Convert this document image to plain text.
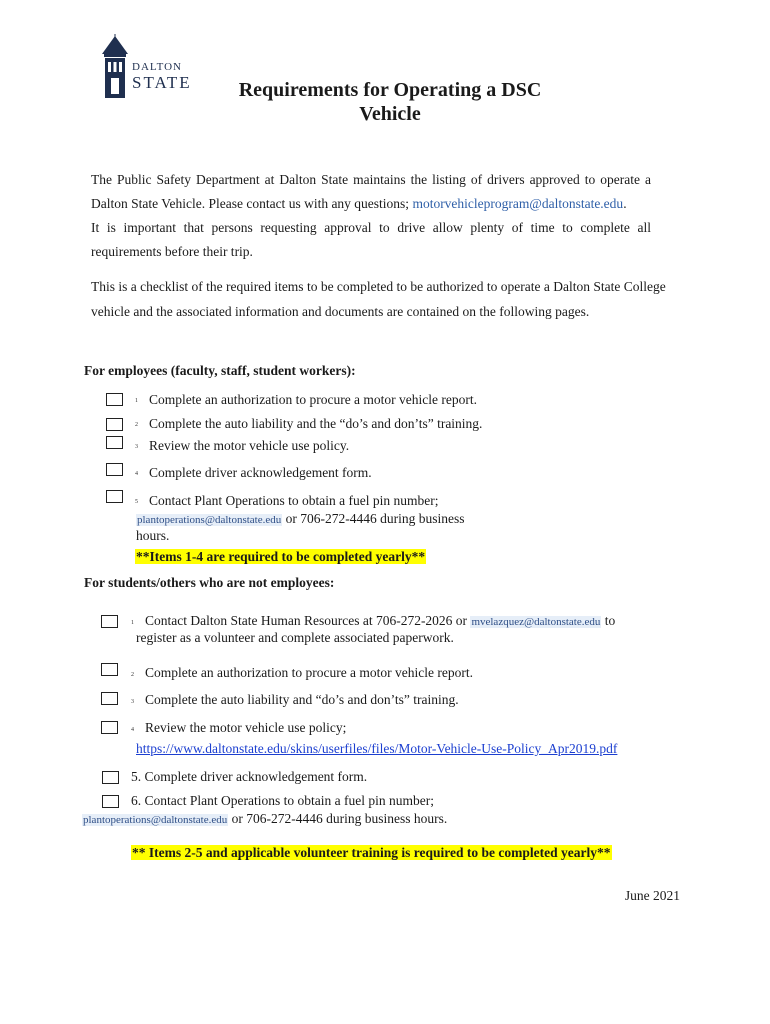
DALTON
STATE	Requirements for Operating a DSC
Vehicle
The Public Safety Department at Dalton State maintains the listing of drivers approved to operate a
Dalton State Vehicle. Please contact us with any questions; motorvehicleprogram@daltonstate.edu.
It is important that persons requesting approval to drive allow plenty of time to complete all
requirements before their trip.
This is a checklist of the required items to be completed to be authorized to operate a Dalton State College
vehicle and the associated information and documents are contained on the following pages.
For employees (faculty, staff, student workers):
1 Complete an authorization to procure a motor vehicle report.
2 Complete the auto liability and the “do’s and don’ts” training.
3 Review the motor vehicle use policy.
4 Complete driver acknowledgement form.
5 Contact Plant Operations to obtain a fuel pin number;
plantoperations@daltonstate.edu or 706-272-4446 during business
hours.
**Items 1-4 are required to be completed yearly**
For students/others who are not employees:
1 Contact Dalton State Human Resources at 706-272-2026 or mvelazquez@daltonstate.edu to
register as a volunteer and complete associated paperwork.
2 Complete an authorization to procure a motor vehicle report.
3 Complete the auto liability and “do’s and don’ts” training.
4 Review the motor vehicle use policy;
https://www.daltonstate.edu/skins/userfiles/files/Motor-Vehicle-Use-Policy_Apr2019.pdf
5. Complete driver acknowledgement form.
6. Contact Plant Operations to obtain a fuel pin number;
plantoperations@daltonstate.edu or 706-272-4446 during business hours.
** Items 2-5 and applicable volunteer training is required to be completed yearly**
June 2021
